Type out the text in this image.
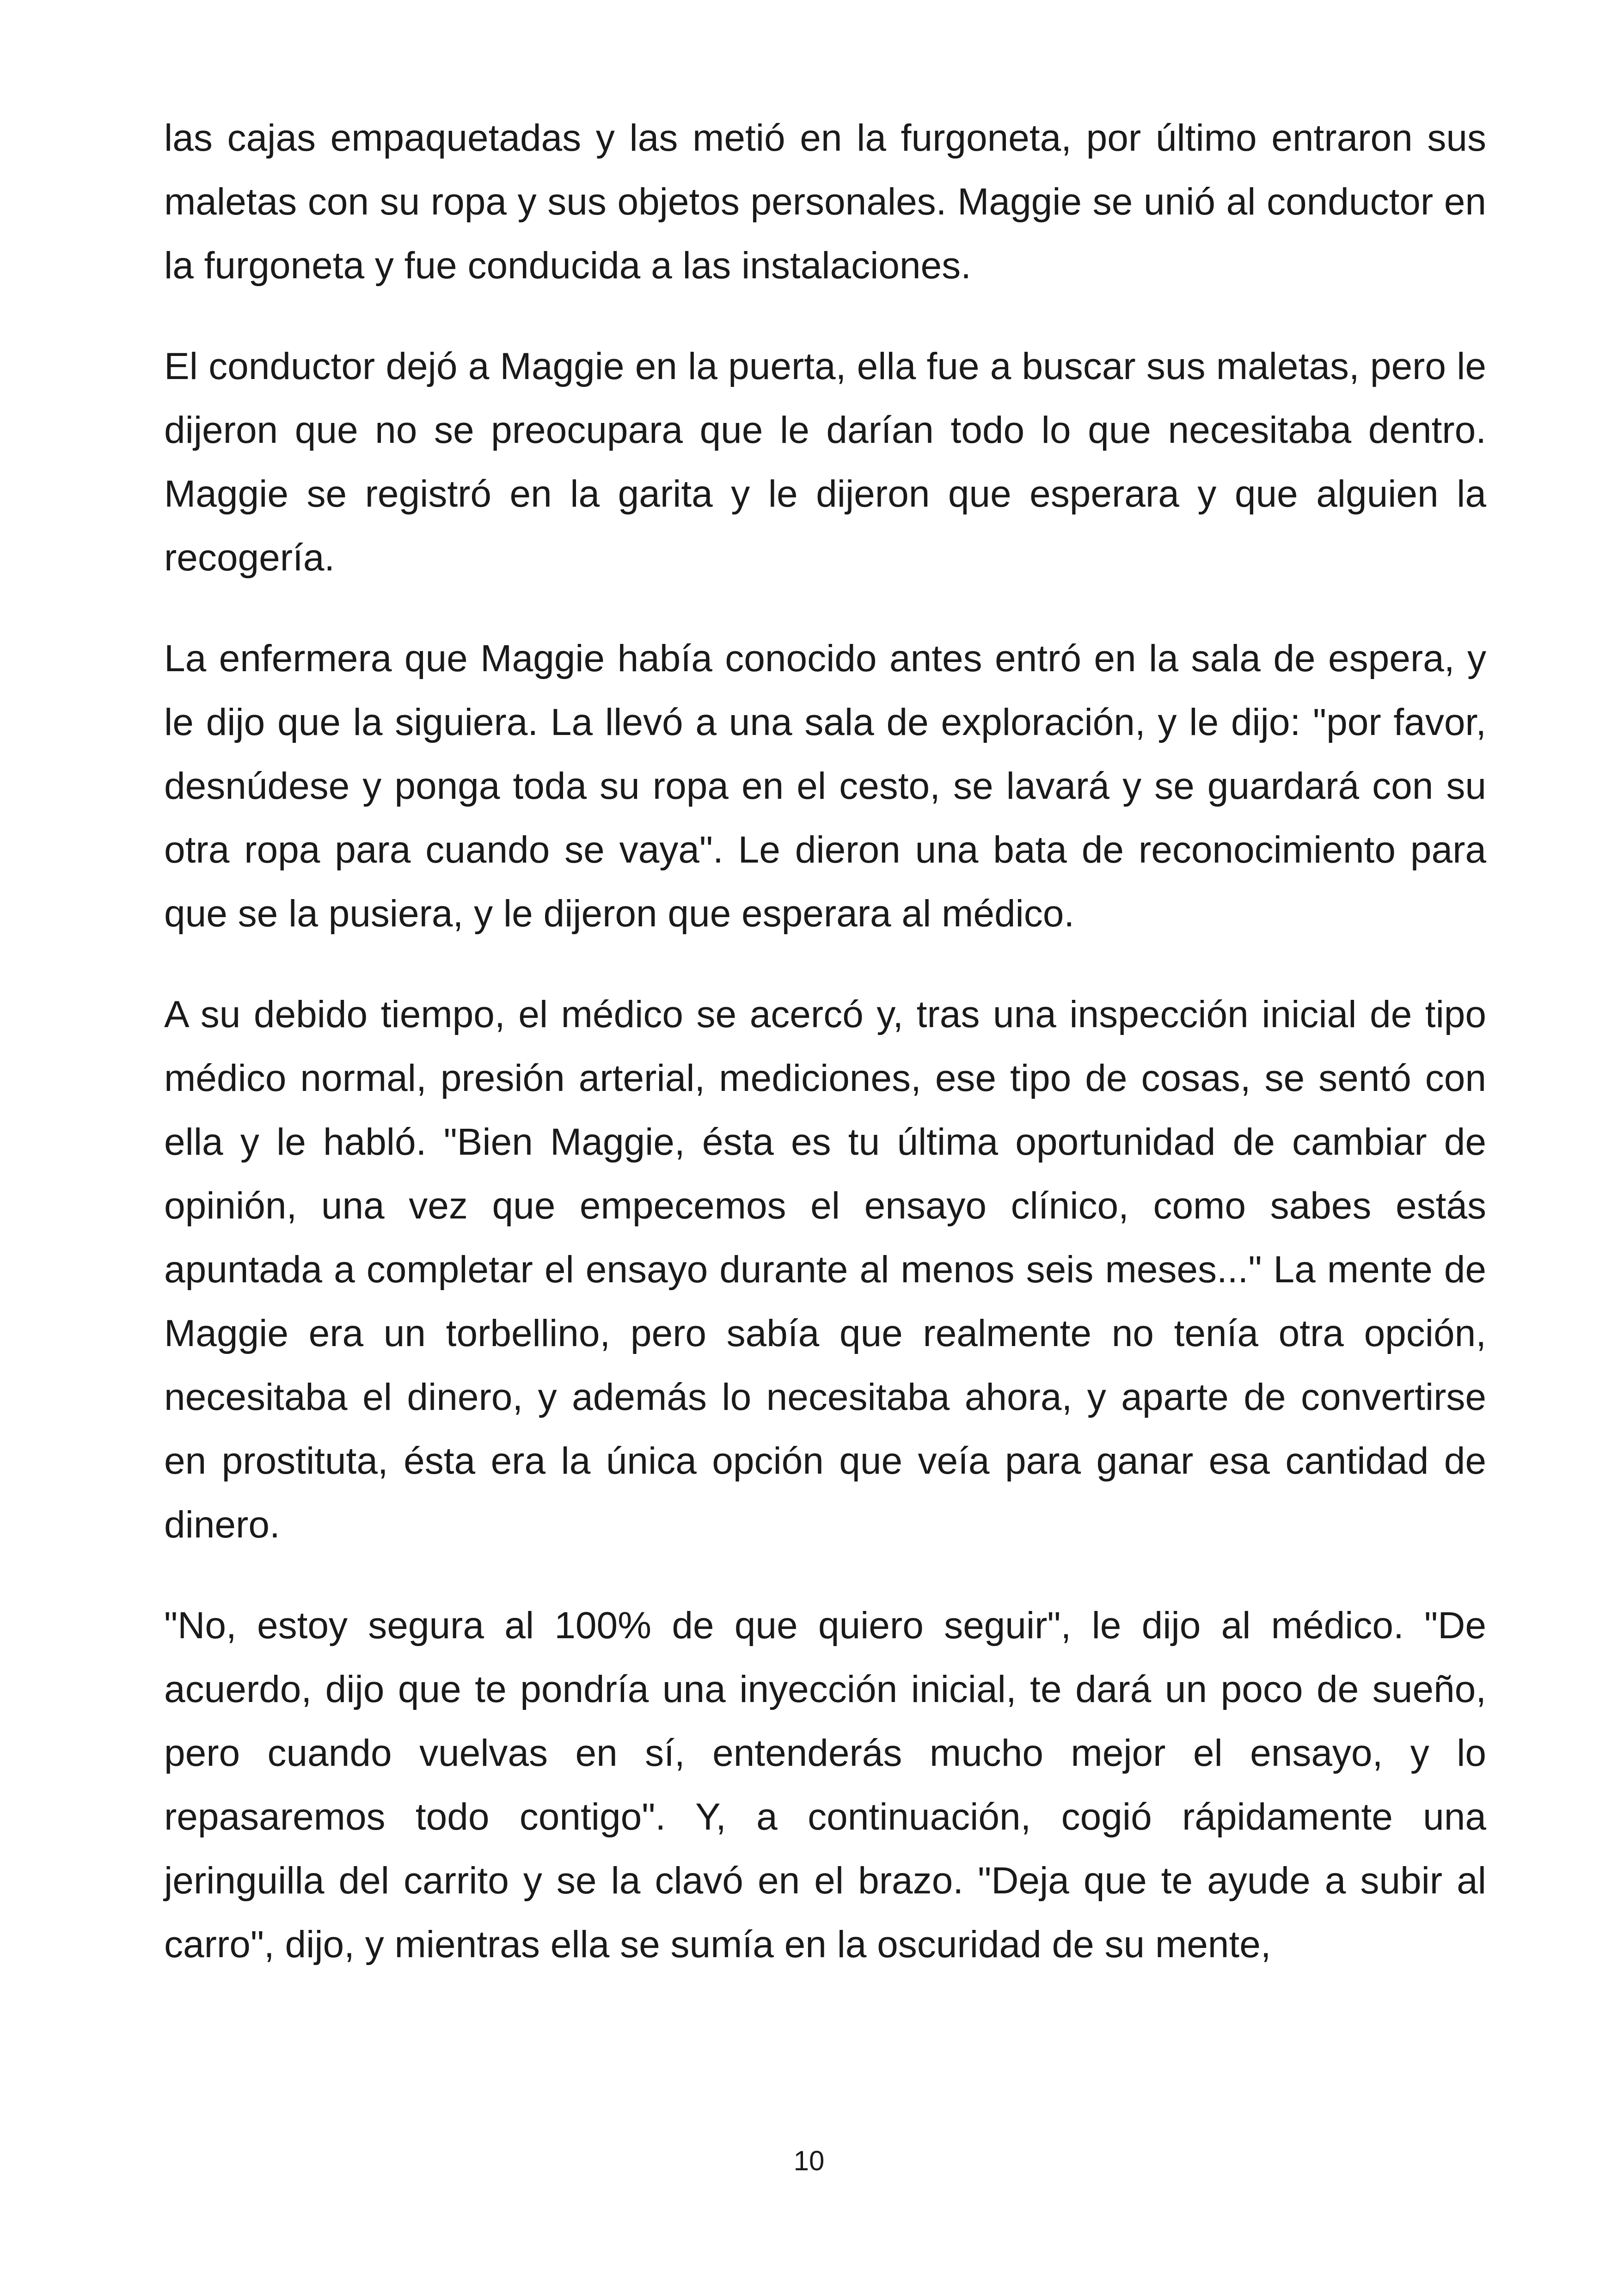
las cajas empaquetadas y las metió en la furgoneta, por último entraron sus maletas con su ropa y sus objetos personales. Maggie se unió al conductor en la furgoneta y fue conducida a las instalaciones.

El conductor dejó a Maggie en la puerta, ella fue a buscar sus maletas, pero le dijeron que no se preocupara que le darían todo lo que necesitaba dentro. Maggie se registró en la garita y le dijeron que esperara y que alguien la recogería.

La enfermera que Maggie había conocido antes entró en la sala de espera, y le dijo que la siguiera. La llevó a una sala de exploración, y le dijo: "por favor, desnúdese y ponga toda su ropa en el cesto, se lavará y se guardará con su otra ropa para cuando se vaya". Le dieron una bata de reconocimiento para que se la pusiera, y le dijeron que esperara al médico.

A su debido tiempo, el médico se acercó y, tras una inspección inicial de tipo médico normal, presión arterial, mediciones, ese tipo de cosas, se sentó con ella y le habló. "Bien Maggie, ésta es tu última oportunidad de cambiar de opinión, una vez que empecemos el ensayo clínico, como sabes estás apuntada a completar el ensayo durante al menos seis meses..." La mente de Maggie era un torbellino, pero sabía que realmente no tenía otra opción, necesitaba el dinero, y además lo necesitaba ahora, y aparte de convertirse en prostituta, ésta era la única opción que veía para ganar esa cantidad de dinero.

"No, estoy segura al 100% de que quiero seguir", le dijo al médico. "De acuerdo, dijo que te pondría una inyección inicial, te dará un poco de sueño, pero cuando vuelvas en sí, entenderás mucho mejor el ensayo, y lo repasaremos todo contigo". Y, a continuación, cogió rápidamente una jeringuilla del carrito y se la clavó en el brazo. "Deja que te ayude a subir al carro", dijo, y mientras ella se sumía en la oscuridad de su mente,

10
